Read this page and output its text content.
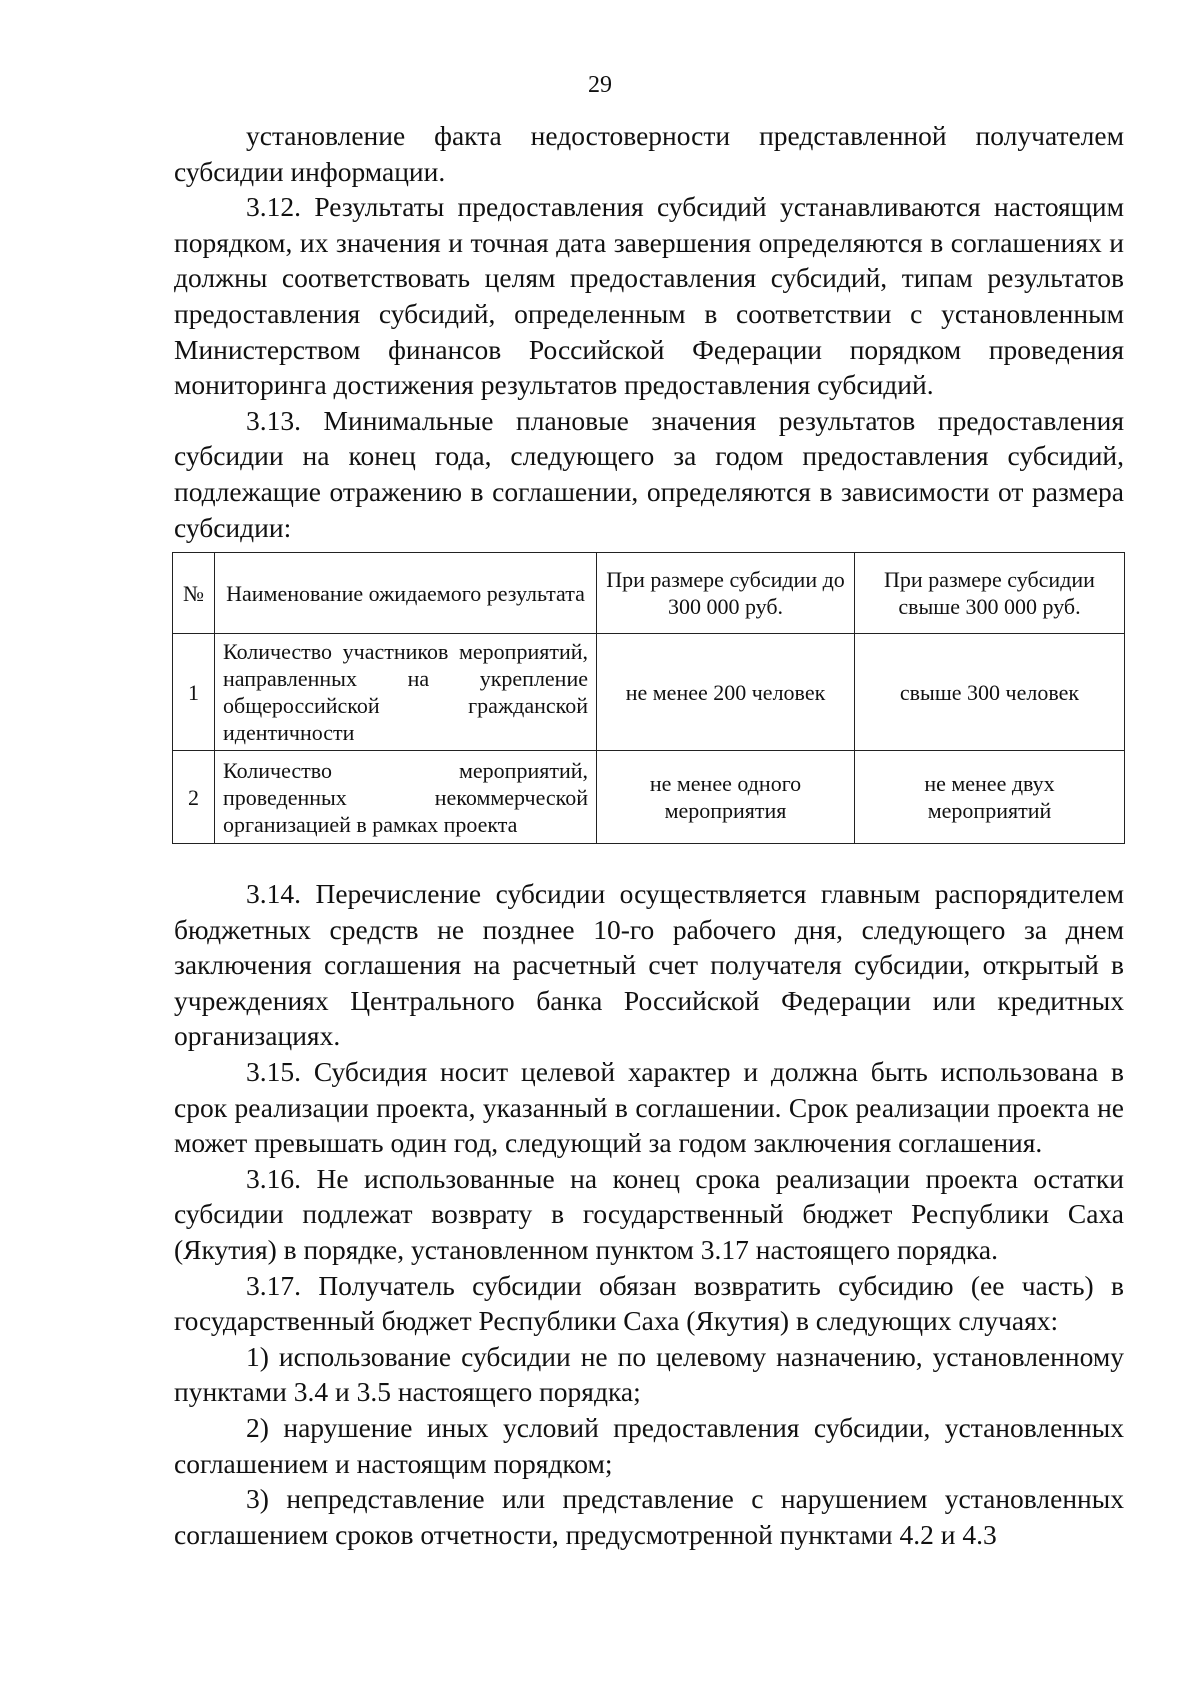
29

установление факта недостоверности представленной получателем субсидии информации.

3.12. Результаты предоставления субсидий устанавливаются настоящим порядком, их значения и точная дата завершения определяются в соглашениях и должны соответствовать целям предоставления субсидий, типам результатов предоставления субсидий, определенным в соответствии с установленным Министерством финансов Российской Федерации порядком проведения мониторинга достижения результатов предоставления субсидий.

3.13. Минимальные плановые значения результатов предоставления субсидии на конец года, следующего за годом предоставления субсидий, подлежащие отражению в соглашении, определяются в зависимости от размера субсидии:

№	Наименование ожидаемого результата	При размере субсидии до 300 000 руб.	При размере субсидии свыше 300 000 руб.
1	Количество участников мероприятий, направленных на укрепление общероссийской гражданской идентичности	не менее 200 человек	свыше 300 человек
2	Количество мероприятий, проведенных некоммерческой организацией в рамках проекта	не менее одного мероприятия	не менее двух мероприятий

3.14. Перечисление субсидии осуществляется главным распорядителем бюджетных средств не позднее 10-го рабочего дня, следующего за днем заключения соглашения на расчетный счет получателя субсидии, открытый в учреждениях Центрального банка Российской Федерации или кредитных организациях.

3.15. Субсидия носит целевой характер и должна быть использована в срок реализации проекта, указанный в соглашении. Срок реализации проекта не может превышать один год, следующий за годом заключения соглашения.

3.16. Не использованные на конец срока реализации проекта остатки субсидии подлежат возврату в государственный бюджет Республики Саха (Якутия) в порядке, установленном пунктом 3.17 настоящего порядка.

3.17. Получатель субсидии обязан возвратить субсидию (ее часть) в государственный бюджет Республики Саха (Якутия) в следующих случаях:

1) использование субсидии не по целевому назначению, установленному пунктами 3.4 и 3.5 настоящего порядка;

2) нарушение иных условий предоставления субсидии, установленных соглашением и настоящим порядком;

3) непредставление или представление с нарушением установленных соглашением сроков отчетности, предусмотренной пунктами 4.2 и 4.3
